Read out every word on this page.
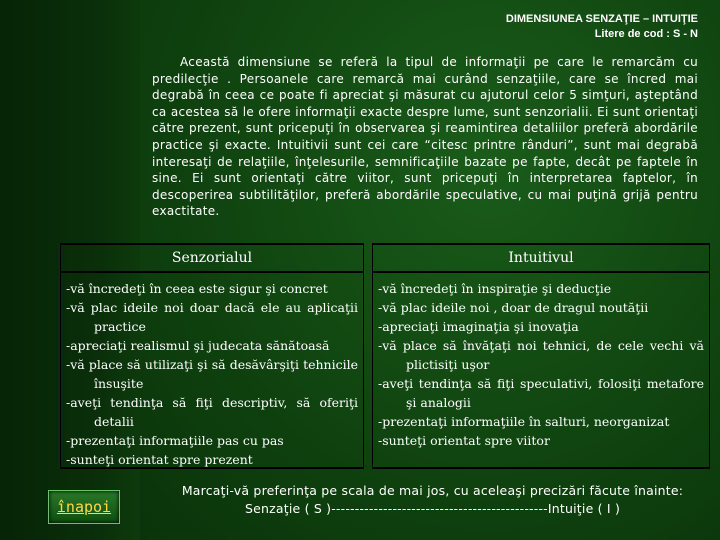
DIMENSIUNEA SENZAŢIE – INTUIŢIE
Litere de cod : S - N

Această dimensiune se referă la tipul de informaţii pe care le remarcăm cu predilecţie . Persoanele care remarcă mai curând senzaţiile, care se încred mai degrabă în ceea ce poate fi apreciat şi măsurat cu ajutorul celor 5 simţuri, aşteptând ca acestea să le ofere informaţii exacte despre lume, sunt senzorialii. Ei sunt orientaţi către prezent, sunt pricepuţi în observarea şi reamintirea detaliilor preferă abordările practice şi exacte. Intuitivii sunt cei care “citesc printre rânduri”, sunt mai degrabă interesaţi de relaţiile, înţelesurile, semnificaţiile bazate pe fapte, decât pe faptele în sine. Ei sunt orientaţi către viitor, sunt pricepuţi în interpretarea faptelor, în descoperirea subtilităţilor, preferă abordările speculative, cu mai puţină grijă pentru exactitate.

Senzorialul

-vă încredeţi în ceea este sigur şi concret

-vă plac ideile noi doar dacă ele au aplicaţii practice

-apreciaţi realismul şi judecata sănătoasă

-vă place să utilizaţi şi să desăvârşiţi tehnicile însuşite

-aveţi tendinţa să fiţi descriptiv, să oferiţi detalii

-prezentaţi informaţiile pas cu pas

-sunteţi orientat spre prezent

Intuitivul

-vă încredeţi în inspiraţie şi deducţie

-vă plac ideile noi , doar de dragul noutăţii

-apreciaţi imaginaţia şi inovaţia

-vă place să învăţaţi noi tehnici, de cele vechi vă plictisiţi uşor

-aveţi tendinţa să fiţi speculativi, folosiţi metafore şi analogii

-prezentaţi informaţiile în salturi, neorganizat

-sunteţi orientat spre viitor

înapoi
Marcaţi-vă preferinţa pe scala de mai jos, cu aceleaşi precizări făcute înainte:
Senzaţie ( S )----------------------------------------------Intuiţie ( I )
